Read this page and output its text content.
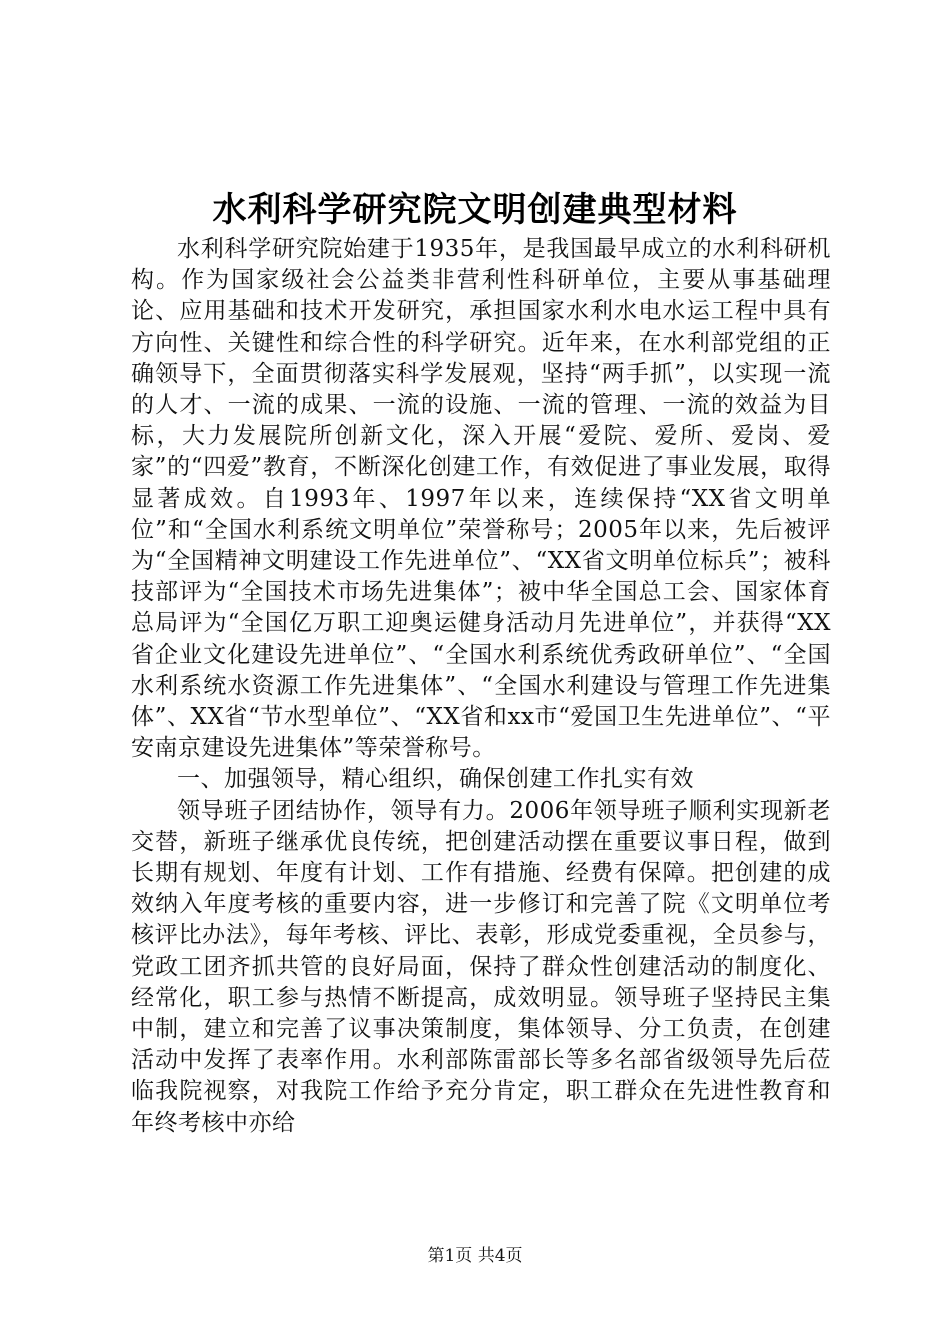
水利科学研究院文明创建典型材料

水利科学研究院始建于1935年，是我国最早成立的水利科研机构。作为国家级社会公益类非营利性科研单位，主要从事基础理论、应用基础和技术开发研究，承担国家水利水电水运工程中具有方向性、关键性和综合性的科学研究。近年来，在水利部党组的正确领导下，全面贯彻落实科学发展观，坚持“两手抓”，以实现一流的人才、一流的成果、一流的设施、一流的管理、一流的效益为目标，大力发展院所创新文化，深入开展“爱院、爱所、爱岗、爱家”的“四爱”教育，不断深化创建工作，有效促进了事业发展，取得显著成效。自1993年、1997年以来，连续保持“XX省文明单位”和“全国水利系统文明单位”荣誉称号；2005年以来，先后被评为“全国精神文明建设工作先进单位”、“XX省文明单位标兵”；被科技部评为“全国技术市场先进集体”；被中华全国总工会、国家体育总局评为“全国亿万职工迎奥运健身活动月先进单位”，并获得“XX省企业文化建设先进单位”、“全国水利系统优秀政研单位”、“全国水利系统水资源工作先进集体”、“全国水利建设与管理工作先进集体”、XX省“节水型单位”、“XX省和xx市“爱国卫生先进单位”、“平安南京建设先进集体”等荣誉称号。

一、加强领导，精心组织，确保创建工作扎实有效

领导班子团结协作，领导有力。2006年领导班子顺利实现新老交替，新班子继承优良传统，把创建活动摆在重要议事日程，做到长期有规划、年度有计划、工作有措施、经费有保障。把创建的成效纳入年度考核的重要内容，进一步修订和完善了院《文明单位考核评比办法》，每年考核、评比、表彰，形成党委重视，全员参与，党政工团齐抓共管的良好局面，保持了群众性创建活动的制度化、经常化，职工参与热情不断提高，成效明显。领导班子坚持民主集中制，建立和完善了议事决策制度，集体领导、分工负责，在创建活动中发挥了表率作用。水利部陈雷部长等多名部省级领导先后莅临我院视察，对我院工作给予充分肯定，职工群众在先进性教育和年终考核中亦给

第1页 共4页
